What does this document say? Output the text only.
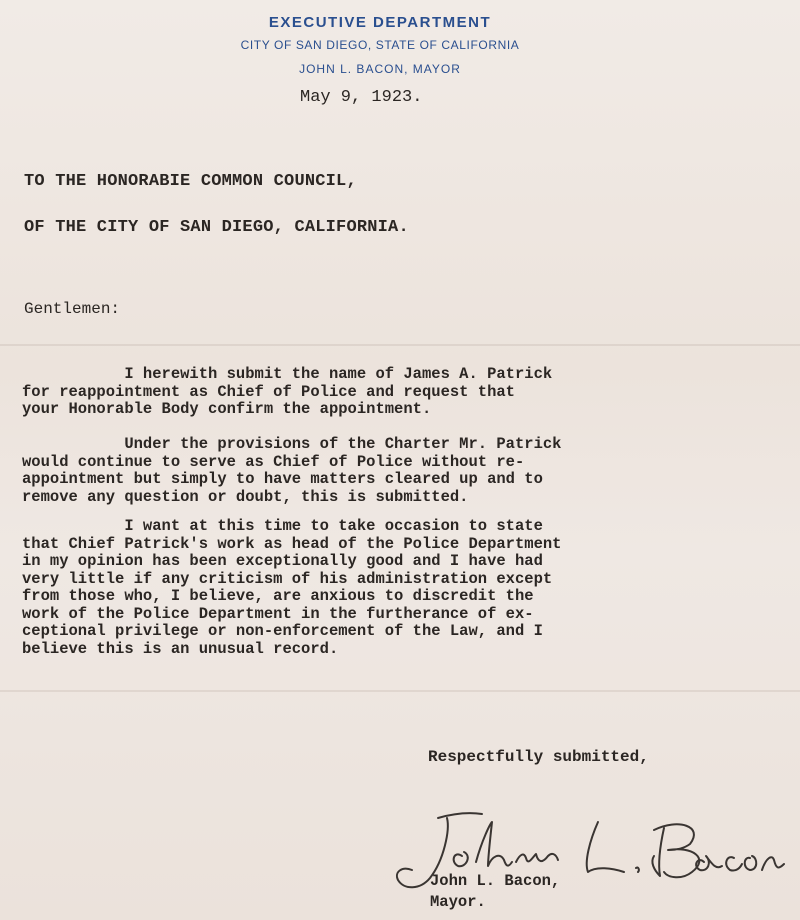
EXECUTIVE DEPARTMENT
CITY OF SAN DIEGO, STATE OF CALIFORNIA
JOHN L. BACON, MAYOR
May 9, 1923.
TO THE HONORABIE COMMON COUNCIL,
OF THE CITY OF SAN DIEGO, CALIFORNIA.
Gentlemen:
I herewith submit the name of James A. Patrick
for reappointment as Chief of Police and request that
your Honorable Body confirm the appointment.
Under the provisions of the Charter Mr. Patrick
would continue to serve as Chief of Police without re-
appointment but simply to have matters cleared up and to
remove any question or doubt, this is submitted.
I want at this time to take occasion to state
that Chief Patrick's work as head of the Police Department
in my opinion has been exceptionally good and I have had
very little if any criticism of his administration except
from those who, I believe, are anxious to discredit the
work of the Police Department in the furtherance of ex-
ceptional privilege or non-enforcement of the Law, and I
believe this is an unusual record.
Respectfully submitted,
John L. Bacon,
Mayor.
